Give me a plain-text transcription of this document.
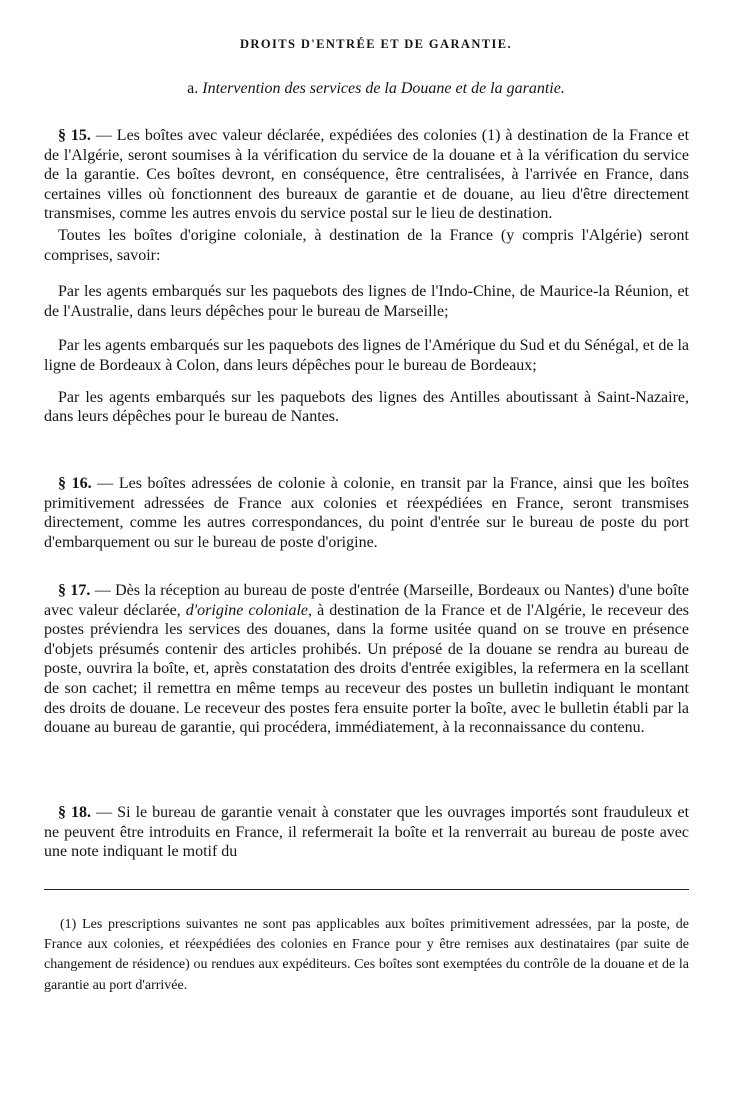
DROITS D'ENTRÉE ET DE GARANTIE.
a. Intervention des services de la Douane et de la garantie.

§ 15. — Les boîtes avec valeur déclarée, expédiées des colonies (1) à destination de la France et de l'Algérie, seront soumises à la vérification du service de la douane et à la vérification du service de la garantie. Ces boîtes devront, en conséquence, être centralisées, à l'arrivée en France, dans certaines villes où fonctionnent des bureaux de garantie et de douane, au lieu d'être directement transmises, comme les autres envois du service postal sur le lieu de destination.

Toutes les boîtes d'origine coloniale, à destination de la France (y compris l'Algérie) seront comprises, savoir:

Par les agents embarqués sur les paquebots des lignes de l'Indo-Chine, de Maurice-la Réunion, et de l'Australie, dans leurs dépêches pour le bureau de Marseille;

Par les agents embarqués sur les paquebots des lignes de l'Amérique du Sud et du Sénégal, et de la ligne de Bordeaux à Colon, dans leurs dépêches pour le bureau de Bordeaux;

Par les agents embarqués sur les paquebots des lignes des Antilles aboutissant à Saint-Nazaire, dans leurs dépêches pour le bureau de Nantes.

§ 16. — Les boîtes adressées de colonie à colonie, en transit par la France, ainsi que les boîtes primitivement adressées de France aux colonies et réexpédiées en France, seront transmises directement, comme les autres correspondances, du point d'entrée sur le bureau de poste du port d'embarquement ou sur le bureau de poste d'origine.

§ 17. — Dès la réception au bureau de poste d'entrée (Marseille, Bordeaux ou Nantes) d'une boîte avec valeur déclarée, d'origine coloniale, à destination de la France et de l'Algérie, le receveur des postes préviendra les services des douanes, dans la forme usitée quand on se trouve en présence d'objets présumés contenir des articles prohibés. Un préposé de la douane se rendra au bureau de poste, ouvrira la boîte, et, après constatation des droits d'entrée exigibles, la refermera en la scellant de son cachet; il remettra en même temps au receveur des postes un bulletin indiquant le montant des droits de douane. Le receveur des postes fera ensuite porter la boîte, avec le bulletin établi par la douane au bureau de garantie, qui procédera, immédiatement, à la reconnaissance du contenu.

§ 18. — Si le bureau de garantie venait à constater que les ouvrages importés sont frauduleux et ne peuvent être introduits en France, il refermerait la boîte et la renverrait au bureau de poste avec une note indiquant le motif du

(1) Les prescriptions suivantes ne sont pas applicables aux boîtes primitivement adressées, par la poste, de France aux colonies, et réexpédiées des colonies en France pour y être remises aux destinataires (par suite de changement de résidence) ou rendues aux expéditeurs. Ces boîtes sont exemptées du contrôle de la douane et de la garantie au port d'arrivée.
